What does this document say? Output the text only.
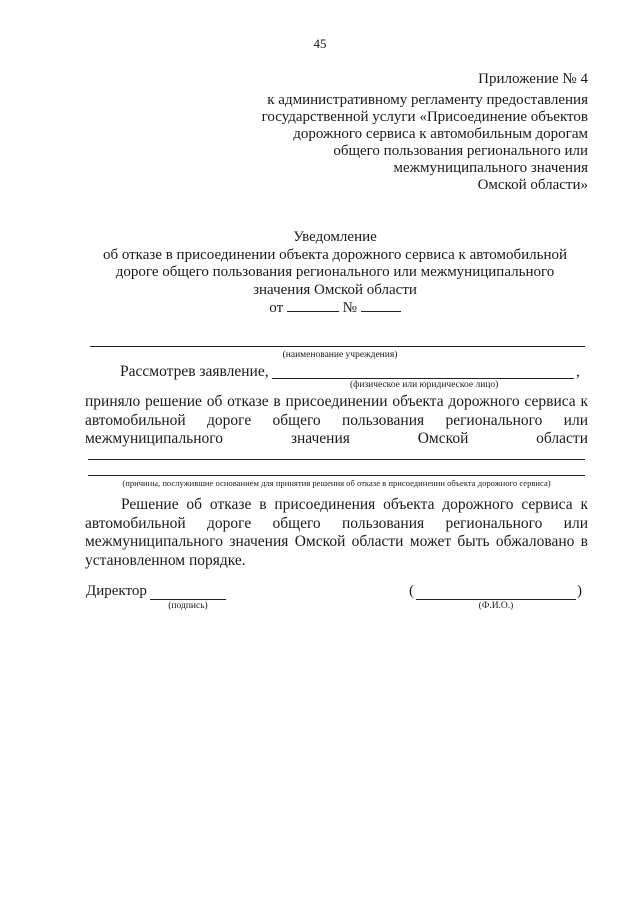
45
Приложение № 4
к административному регламенту предоставления
государственной услуги «Присоединение объектов
дорожного сервиса к автомобильным дорогам
общего пользования регионального или
межмуниципального значения
Омской области»
Уведомление
об отказе в присоединении объекта дорожного сервиса к автомобильной
дороге общего пользования регионального или межмуниципального
значения Омской области
от	№
(наименование учреждения)
Рассмотрев заявление,	,
(физическое или юридическое лицо)
приняло решение об отказе в присоединении объекта дорожного сервиса к
автомобильной дороге общего пользования регионального или
межмуниципального значения Омской области
(причины, послужившие основанием для принятия решения об отказе в присоединении объекта дорожного сервиса)
Решение об отказе в присоединения объекта дорожного сервиса к
автомобильной дороге общего пользования регионального или
межмуниципального значения Омской области может быть обжаловано в
установленном порядке.
Директор
(подпись)
(	)
(Ф.И.О.)
